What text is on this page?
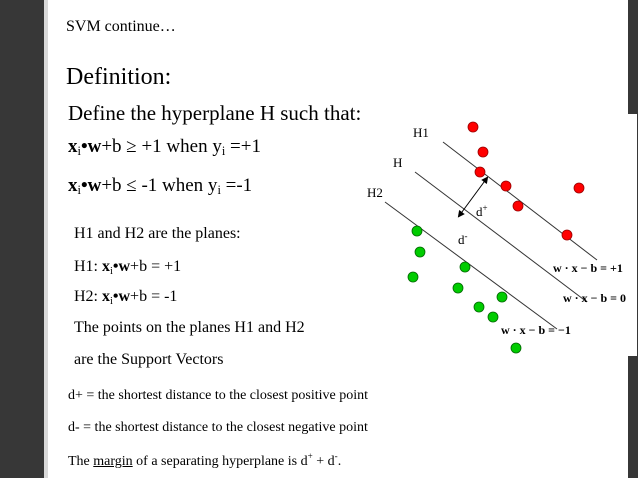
SVM continue…
Definition:
Define the hyperplane H such that:
$x_i•w+b \ge +1$ when $y_i =+1$
$x_i•w+b \le -1$ when $y_i =-1$
H1 and H2 are the planes:
H1: $x_i•w+b = +1$
H2: $x_i•w+b = -1$
The points on the planes H1 and H2
are the Support Vectors
d+ = the shortest distance to the closest positive point
d- = the shortest distance to the closest negative point
The margin of a separating hyperplane is d+ + d-.
H1
H
H2
d+
d-
w · x − b = +1
w · x − b = 0
w · x − b = −1
